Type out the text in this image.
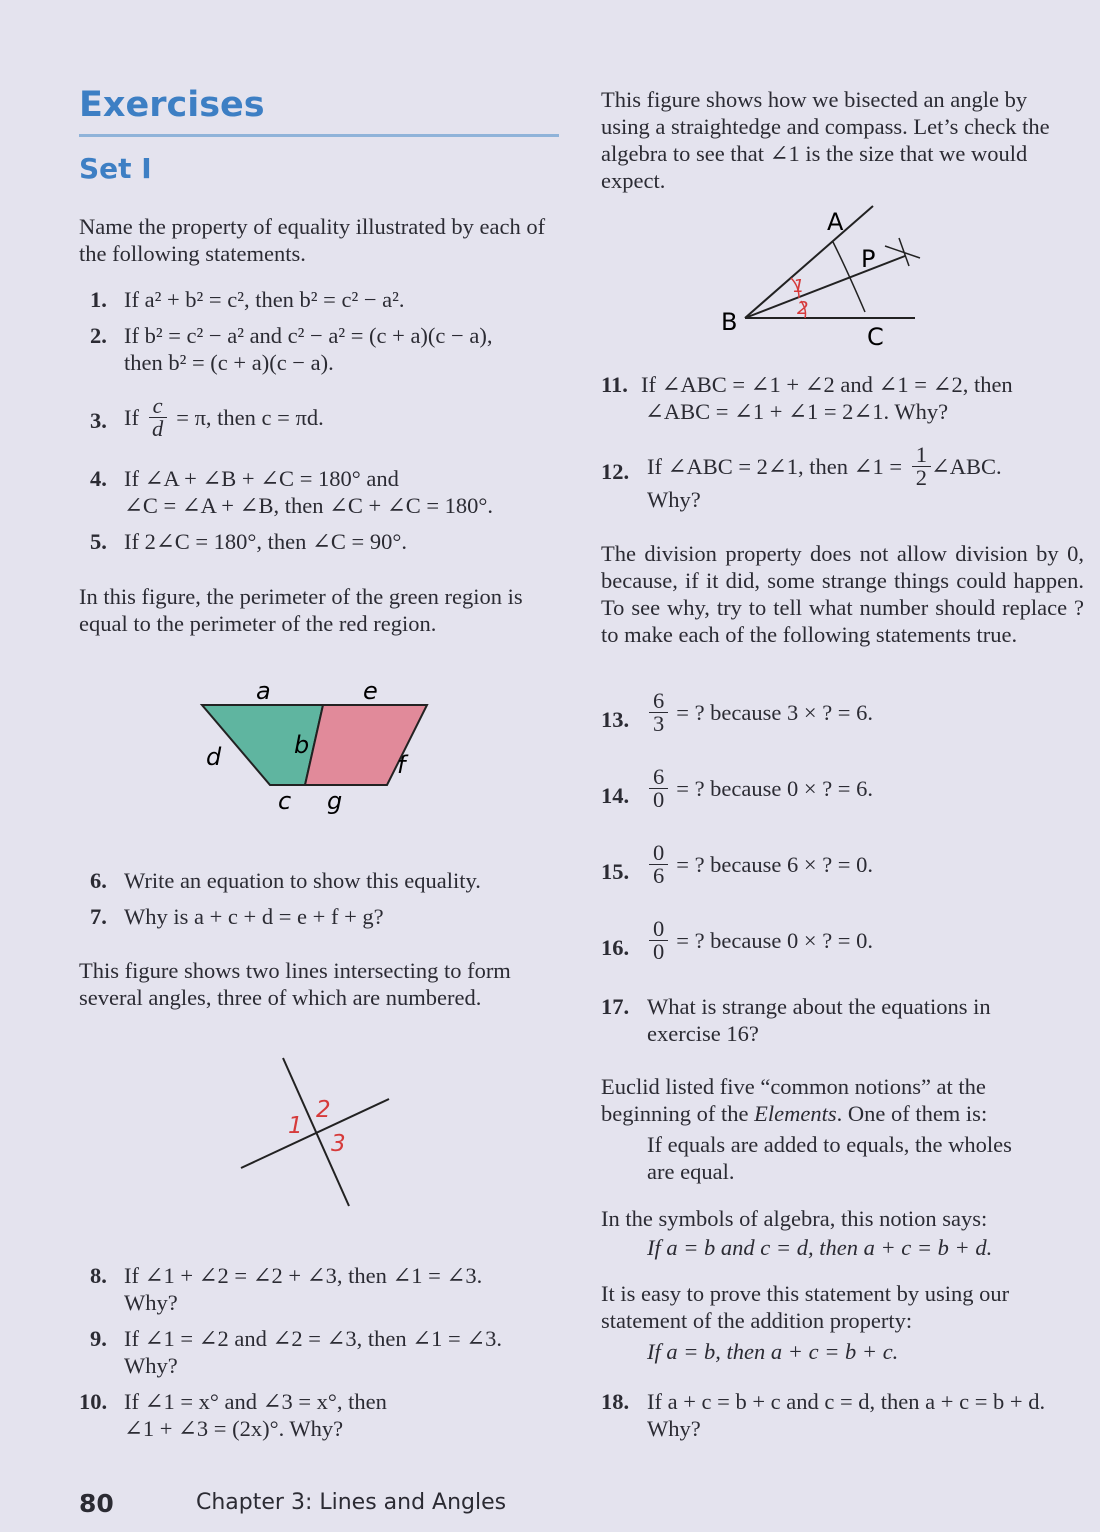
Exercises
Set I

Name the property of equality illustrated by each of the following statements.

1. If a² + b² = c², then b² = c² − a².
2. If b² = c² − a² and c² − a² = (c + a)(c − a),
then b² = (c + a)(c − a).
3. If $\frac{c}{d} = \pi$, then c = πd.
4. If ∠A + ∠B + ∠C = 180° and
∠C = ∠A + ∠B, then ∠C + ∠C = 180°.
5. If 2∠C = 180°, then ∠C = 90°.

In this figure, the perimeter of the green region is equal to the perimeter of the red region.

a	e
b
d	f
c g
6. Write an equation to show this equality.
7. Why is a + c + d = e + f + g?

This figure shows two lines intersecting to form several angles, three of which are numbered.

1
2
3
8. If ∠1 + ∠2 = ∠2 + ∠3, then ∠1 = ∠3.
Why?
9. If ∠1 = ∠2 and ∠2 = ∠3, then ∠1 = ∠3.
Why?
10. If ∠1 = x° and ∠3 = x°, then
∠1 + ∠3 = (2x)°. Why?

This figure shows how we bisected an angle by using a straightedge and compass. Let’s check the algebra to see that ∠1 is the size that we would expect.

A
P
B
C
1
2
11. If ∠ABC = ∠1 + ∠2 and ∠1 = ∠2, then
∠ABC = ∠1 + ∠1 = 2∠1. Why?
12. If ∠ABC = 2∠1, then ∠1 = $\frac{1}{2}$ ∠ABC.
Why?

The division property does not allow division by 0, because, if it did, some strange things could happen. To see why, try to tell what number should replace ? to make each of the following statements true.

13. $\frac{6}{3}$ = ? because 3 × ? = 6.
14. $\frac{6}{0}$ = ? because 0 × ? = 6.
15. $\frac{0}{6}$ = ? because 6 × ? = 0.
16. $\frac{0}{0}$ = ? because 0 × ? = 0.
17. What is strange about the equations in
exercise 16?
Euclid listed five “common notions” at the
beginning of the Elements. One of them is:
If equals are added to equals, the wholes
are equal.
In the symbols of algebra, this notion says:
If a = b and c = d, then a + c = b + d.
It is easy to prove this statement by using our statement of the addition property:
If a = b, then a + c = b + c.
18. If a + c = b + c and c = d, then a + c = b + d.
Why?
80	Chapter 3: Lines and Angles
